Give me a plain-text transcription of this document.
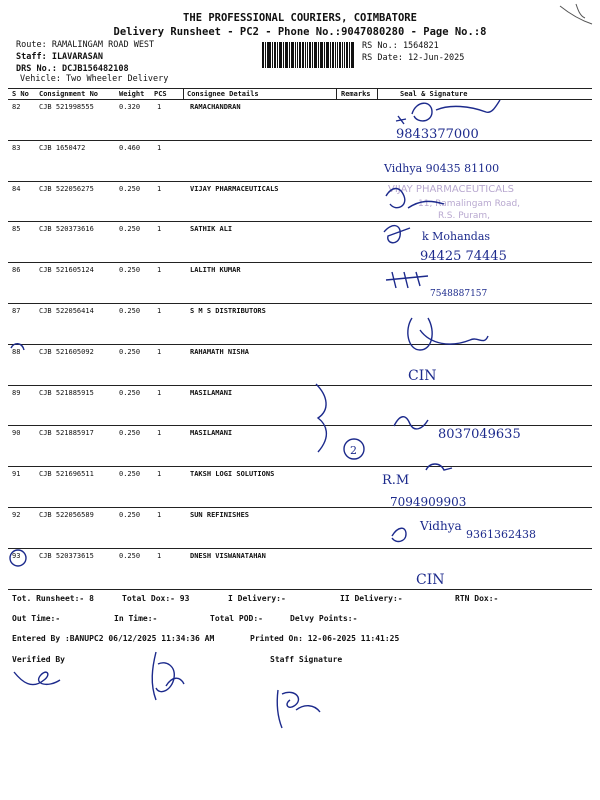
THE PROFESSIONAL COURIERS, COIMBATORE
Delivery Runsheet - PC2 - Phone No.:9047080280 - Page No.:8
Route: RAMALINGAM ROAD WEST
Staff: ILAVARASAN
DRS No.: DCJB156482108
Vehicle: Two Wheeler Delivery
RS No.: 1564821
RS Date: 12-Jun-2025
S No Consignment No	Weight PCS	Consignee Details	Remarks	Seal & Signature
82	CJB 521998555	0.320 1	RAMACHANDRAN
83	CJB 1650472	0.460 1
84	CJB 522056275	0.250 1	VIJAY PHARMACEUTICALS
85	CJB 520373616	0.250 1	SATHIK ALI
86	CJB 521605124	0.250 1	LALITH KUMAR
87	CJB 522056414	0.250 1	S M S DISTRIBUTORS
88	CJB 521605092	0.250 1	RAHAMATH NISHA
89	CJB 521885915	0.250 1	MASILAMANI
90	CJB 521885917	0.250 1	MASILAMANI
91	CJB 521696511	0.250 1	TAKSH LOGI SOLUTIONS
92	CJB 522056589	0.250 1	SUN REFINISHES
93	CJB 520373615	0.250 1	DNESH VISWANATAHAN
VIJAY PHARMACEUTICALS
11, Ramalingam Road,
R.S. Puram,
9843377000
Vidhya 90435 81100
k Mohandas
94425 74445
7548887157
CIN
8037049635
R.M
7094909903
Vidhya
9361362438
CIN
2
Tot. Runsheet:- 8	Total Dox:- 93	I Delivery:-	II Delivery:-	RTN Dox:-
Out Time:-	In Time:-	Total POD:-	Delvy Points:-
Entered By :BANUPC2 06/12/2025 11:34:36 AM	Printed On: 12-06-2025 11:41:25
Verified By	Staff Signature
